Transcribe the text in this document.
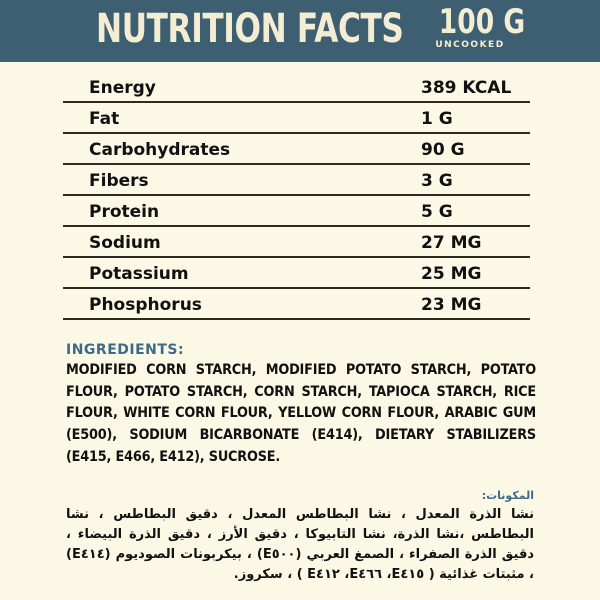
NUTRITION FACTS 100 G
UNCOOKED
Energy	389 KCAL
Fat	1 G
Carbohydrates	90 G
Fibers	3 G
Protein	5 G
Sodium	27 MG
Potassium	25 MG
Phosphorus	23 MG
INGREDIENTS:
MODIFIED CORN STARCH, MODIFIED POTATO STARCH, POTATO FLOUR, POTATO STARCH, CORN STARCH, TAPIOCA STARCH, RICE FLOUR, WHITE CORN FLOUR, YELLOW CORN FLOUR, ARABIC GUM (E500), SODIUM BICARBONATE (E414), DIETARY STABILIZERS (E415, E466, E412), SUCROSE.
المكونات:
نشا الذرة المعدل ، نشا البطاطس المعدل ، دقيق البطاطس ، نشا البطاطس ،نشا الذرة، نشا التابيوكا ، دقيق الأرز ، دقيق الذرة البيضاء ، دقيق الذرة الصفراء ، الصمغ العربي (E٥٠٠) ، بيكربونات الصوديوم (E٤١٤) ، مثبتات غذائية ( E٤١٥، E٤٦٦، E٤١٢ ) ، سكروز.
